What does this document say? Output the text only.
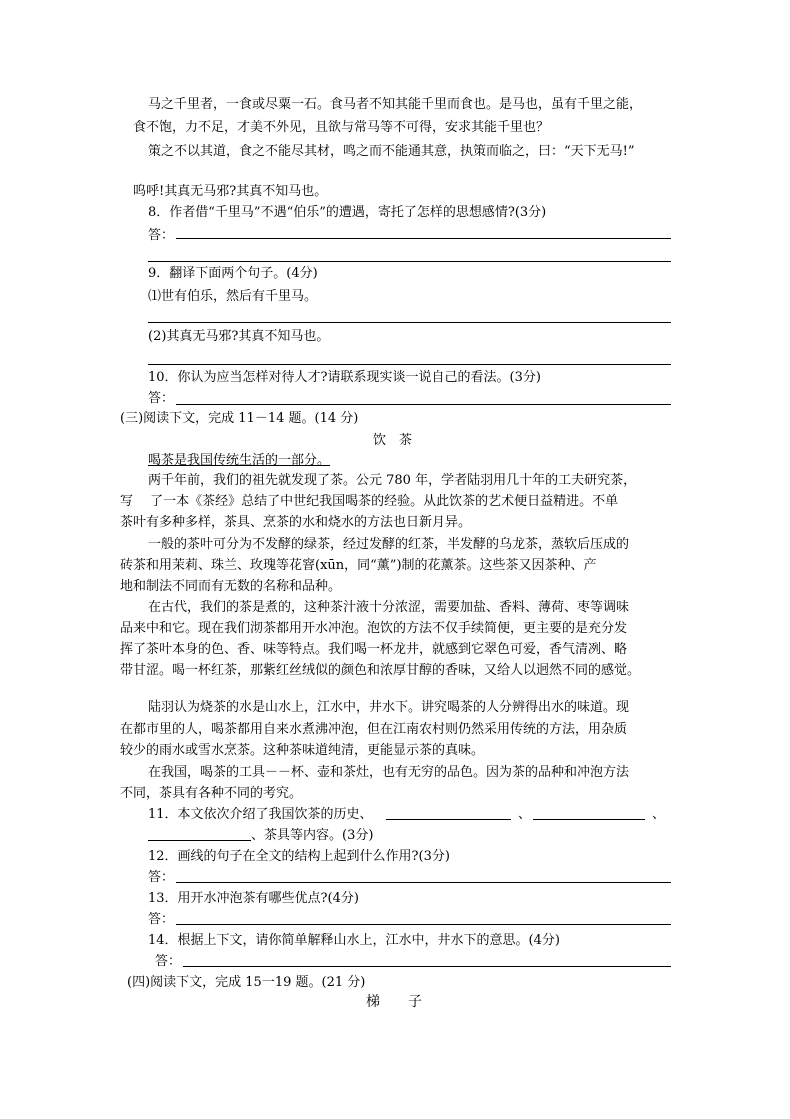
马之千里者，一食或尽粟一石。食马者不知其能千里而食也。是马也，虽有千里之能，
食不饱，力不足，才美不外见，且欲与常马等不可得，安求其能千里也？
策之不以其道，食之不能尽其材，鸣之而不能通其意，执策而临之，曰：“天下无马!”
呜呼!其真无马邪?其真不知马也。
8．作者借“千里马”不遇“伯乐”的遭遇，寄托了怎样的思想感情?(3分)
答：
9．翻译下面两个句子。(4分)
⑴世有伯乐，然后有千里马。
(2)其真无马邪?其真不知马也。
10．你认为应当怎样对待人才?请联系现实谈一说自己的看法。(3分)
答：
(三)阅读下文，完成 11－14 题。(14 分)
饮　茶
喝茶是我国传统生活的一部分。
两千年前，我们的祖先就发现了茶。公元 780 年，学者陆羽用几十年的工夫研究茶，
写　 了一本《茶经》总结了中世纪我国喝茶的经验。从此饮茶的艺术便日益精进。不单
茶叶有多种多样，茶具、烹茶的水和烧水的方法也日新月异。
一般的茶叶可分为不发酵的绿茶，经过发酵的红茶，半发酵的乌龙茶，蒸软后压成的
砖茶和用茉莉、珠兰、玫瑰等花窨(xūn，同“薰”)制的花薰茶。这些茶又因茶种、产
地和制法不同而有无数的名称和品种。
在古代，我们的茶是煮的，这种茶汁液十分浓涩，需要加盐、香料、薄荷、枣等调味
品来中和它。现在我们沏茶都用开水冲泡。泡饮的方法不仅手续简便，更主要的是充分发
挥了茶叶本身的色、香、味等特点。我们喝一杯龙井，就感到它翠色可爱，香气清冽、略
带甘涩。喝一杯红茶，那紫红丝绒似的颜色和浓厚甘醇的香味，又给人以迥然不同的感觉。
陆羽认为烧茶的水是山水上，江水中，井水下。讲究喝茶的人分辨得出水的味道。现
在都市里的人，喝茶都用自来水煮沸冲泡，但在江南农村则仍然采用传统的方法，用杂质
较少的雨水或雪水烹茶。这种茶味道纯清，更能显示茶的真味。
在我国，喝茶的工具－－杯、壶和茶灶，也有无穷的品色。因为茶的品种和冲泡方法
不同，茶具有各种不同的考究。
11．本文依次介绍了我国饮茶的历史、	、	、
、茶具等内容。(3分)
12．画线的句子在全文的结构上起到什么作用?(3分)
答：
13．用开水冲泡茶有哪些优点?(4分)
答：
14．根据上下文，请你简单解释山水上，江水中，井水下的意思。(4分)
答：
(四)阅读下文，完成 15一19 题。(21 分)
梯　　子
